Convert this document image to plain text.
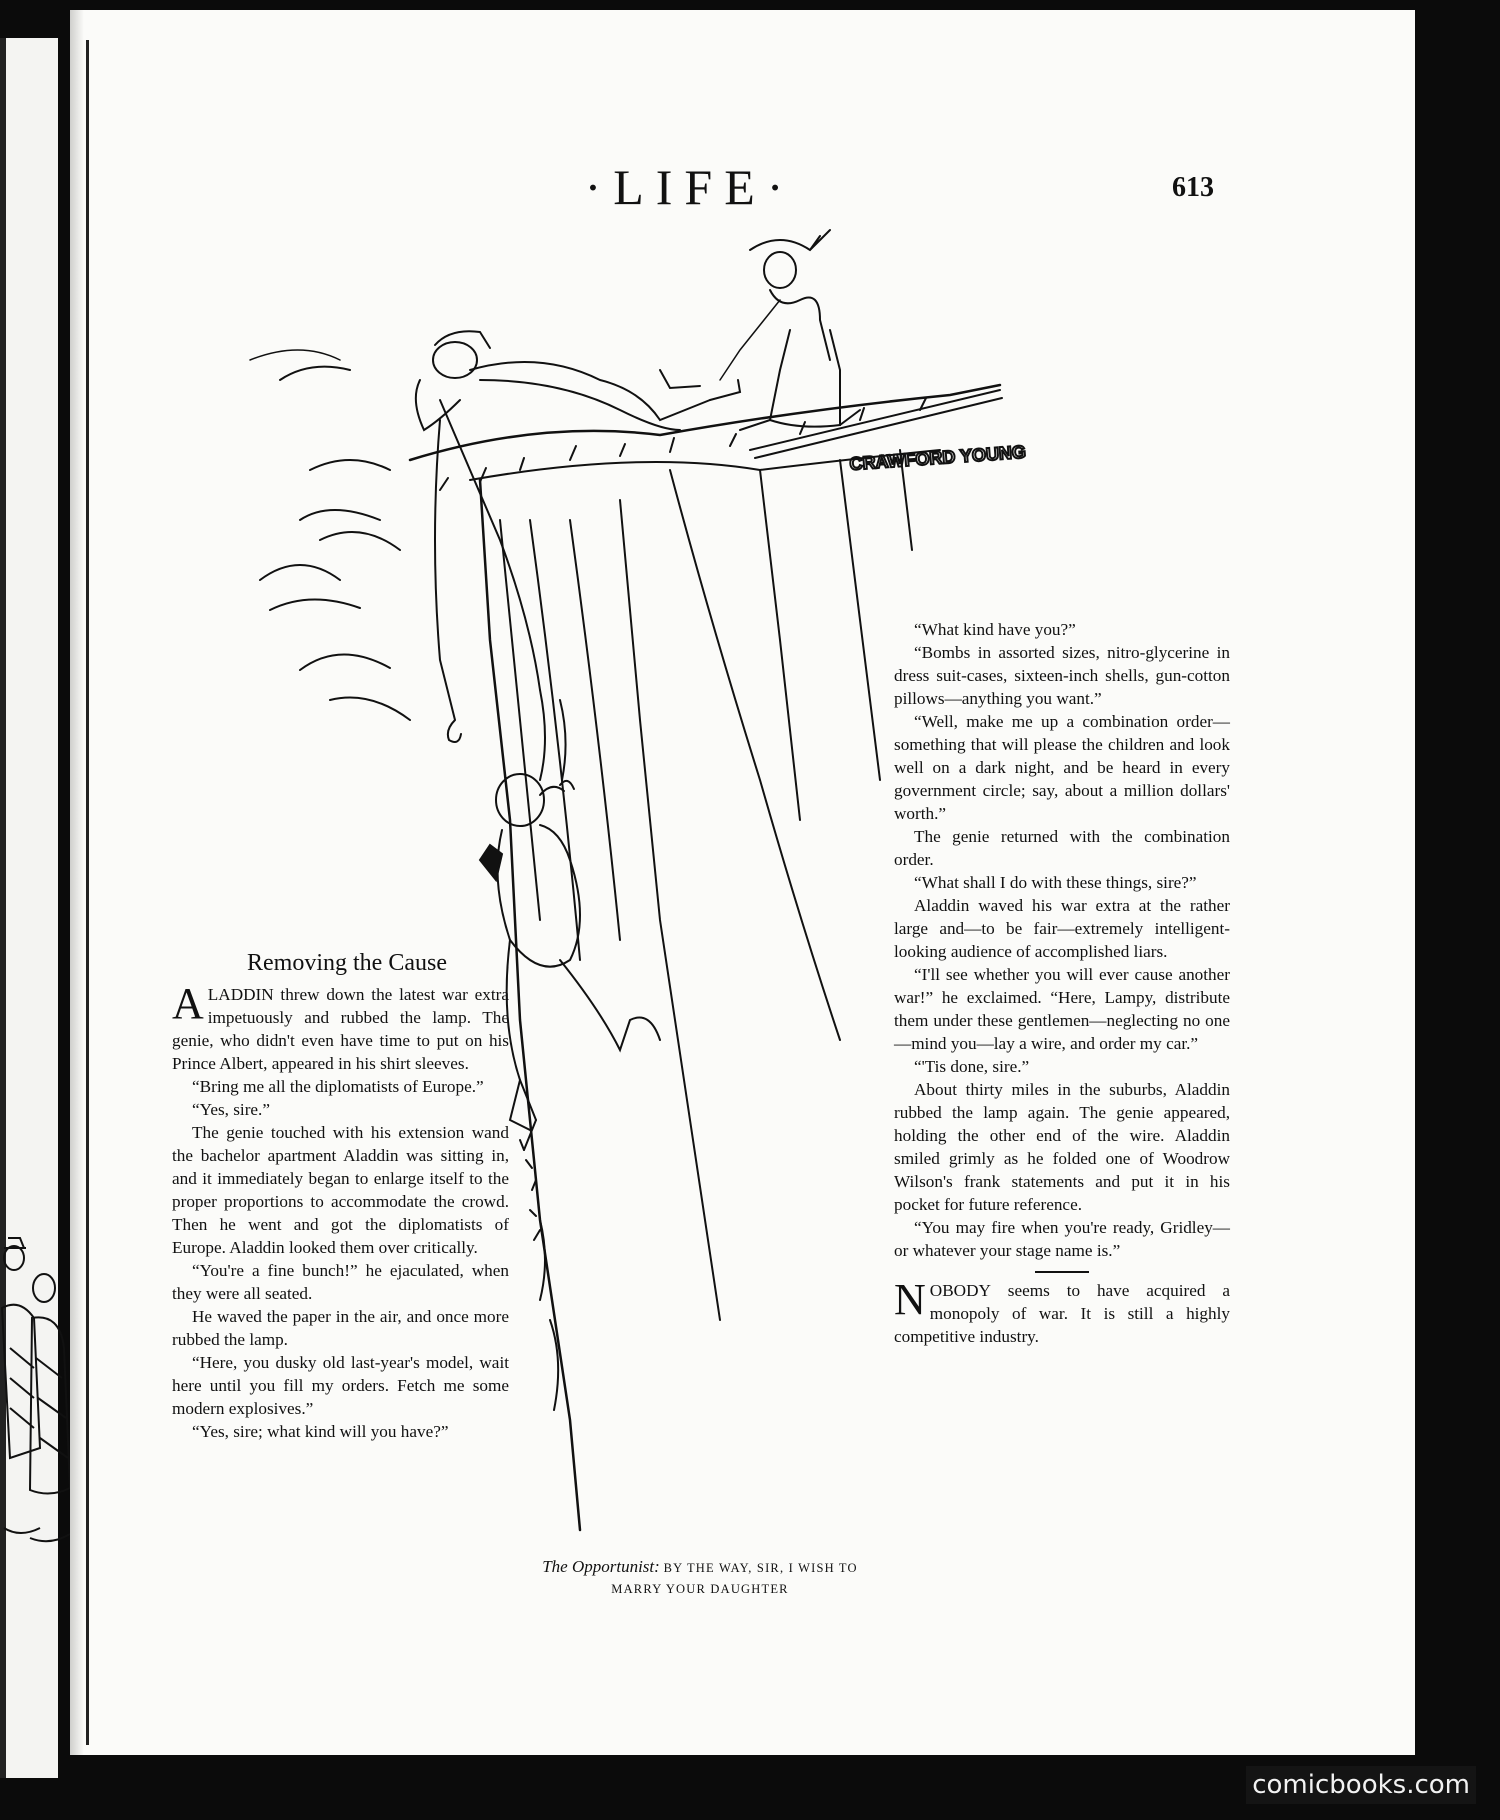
·LIFE·	613
CRAWFORD YOUNG
Removing the Cause

ALADDIN threw down the latest war extra impetuously and rubbed the lamp. The genie, who didn't even have time to put on his Prince Albert, appeared in his shirt sleeves.

“Bring me all the diplomatists of Europe.”

“Yes, sire.”

The genie touched with his extension wand the bachelor apartment Aladdin was sitting in, and it immediately began to enlarge itself to the proper proportions to accommodate the crowd. Then he went and got the diplomatists of Europe. Aladdin looked them over critically.

“You're a fine bunch!” he ejaculated, when they were all seated.

He waved the paper in the air, and once more rubbed the lamp.

“Here, you dusky old last-year's model, wait here until you fill my orders. Fetch me some modern explosives.”

“Yes, sire; what kind will you have?”

“What kind have you?”

“Bombs in assorted sizes, nitro-glycerine in dress suit-cases, sixteen-inch shells, gun-cotton pillows—anything you want.”

“Well, make me up a combination order—something that will please the children and look well on a dark night, and be heard in every government circle; say, about a million dollars' worth.”

The genie returned with the combination order.

“What shall I do with these things, sire?”

Aladdin waved his war extra at the rather large and—to be fair—extremely intelligent-looking audience of accomplished liars.

“I'll see whether you will ever cause another war!” he exclaimed. “Here, Lampy, distribute them under these gentlemen—neglecting no one—mind you—lay a wire, and order my car.”

“'Tis done, sire.”

About thirty miles in the suburbs, Aladdin rubbed the lamp again. The genie appeared, holding the other end of the wire. Aladdin smiled grimly as he folded one of Woodrow Wilson's frank statements and put it in his pocket for future reference.

“You may fire when you're ready, Gridley—or whatever your stage name is.”

NOBODY seems to have acquired a monopoly of war. It is still a highly competitive industry.

The Opportunist: BY THE WAY, SIR, I WISH TO MARRY YOUR DAUGHTER
comicbooks.com
